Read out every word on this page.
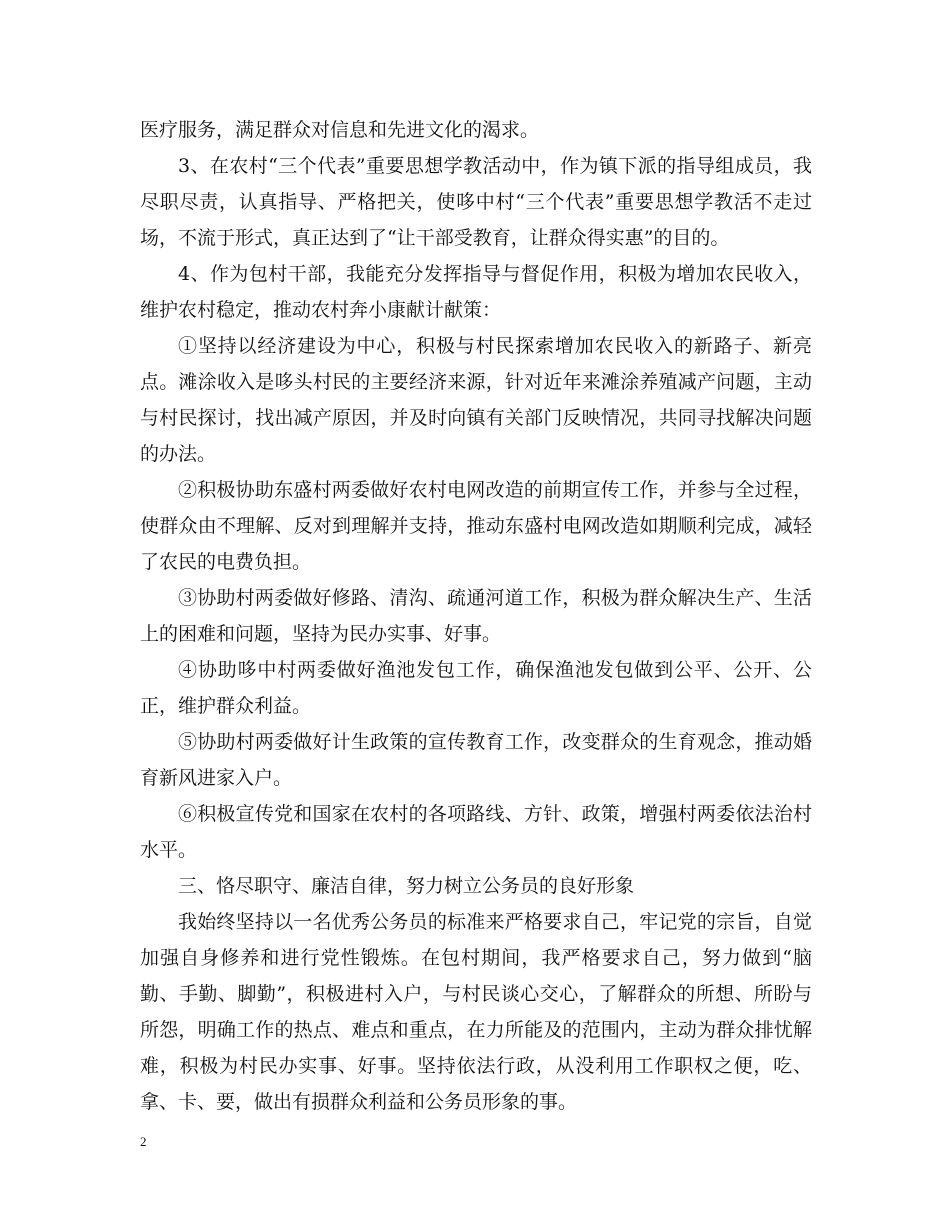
医疗服务，满足群众对信息和先进文化的渴求。

3、在农村“三个代表”重要思想学教活动中，作为镇下派的指导组成员，我尽职尽责，认真指导、严格把关，使哆中村“三个代表”重要思想学教活不走过场，不流于形式，真正达到了“让干部受教育，让群众得实惠”的目的。

4、作为包村干部，我能充分发挥指导与督促作用，积极为增加农民收入，维护农村稳定，推动农村奔小康献计献策：

①坚持以经济建设为中心，积极与村民探索增加农民收入的新路子、新亮点。滩涂收入是哆头村民的主要经济来源，针对近年来滩涂养殖减产问题，主动与村民探讨，找出减产原因，并及时向镇有关部门反映情况，共同寻找解决问题的办法。

②积极协助东盛村两委做好农村电网改造的前期宣传工作，并参与全过程，使群众由不理解、反对到理解并支持，推动东盛村电网改造如期顺利完成，减轻了农民的电费负担。

③协助村两委做好修路、清沟、疏通河道工作，积极为群众解决生产、生活上的困难和问题，坚持为民办实事、好事。

④协助哆中村两委做好渔池发包工作，确保渔池发包做到公平、公开、公正，维护群众利益。

⑤协助村两委做好计生政策的宣传教育工作，改变群众的生育观念，推动婚育新风进家入户。

⑥积极宣传党和国家在农村的各项路线、方针、政策，增强村两委依法治村水平。

三、恪尽职守、廉洁自律，努力树立公务员的良好形象

我始终坚持以一名优秀公务员的标准来严格要求自己，牢记党的宗旨，自觉加强自身修养和进行党性锻炼。在包村期间，我严格要求自己，努力做到“脑勤、手勤、脚勤”，积极进村入户，与村民谈心交心，了解群众的所想、所盼与所怨，明确工作的热点、难点和重点，在力所能及的范围内，主动为群众排忧解难，积极为村民办实事、好事。坚持依法行政，从没利用工作职权之便，吃、拿、卡、要，做出有损群众利益和公务员形象的事。

2
